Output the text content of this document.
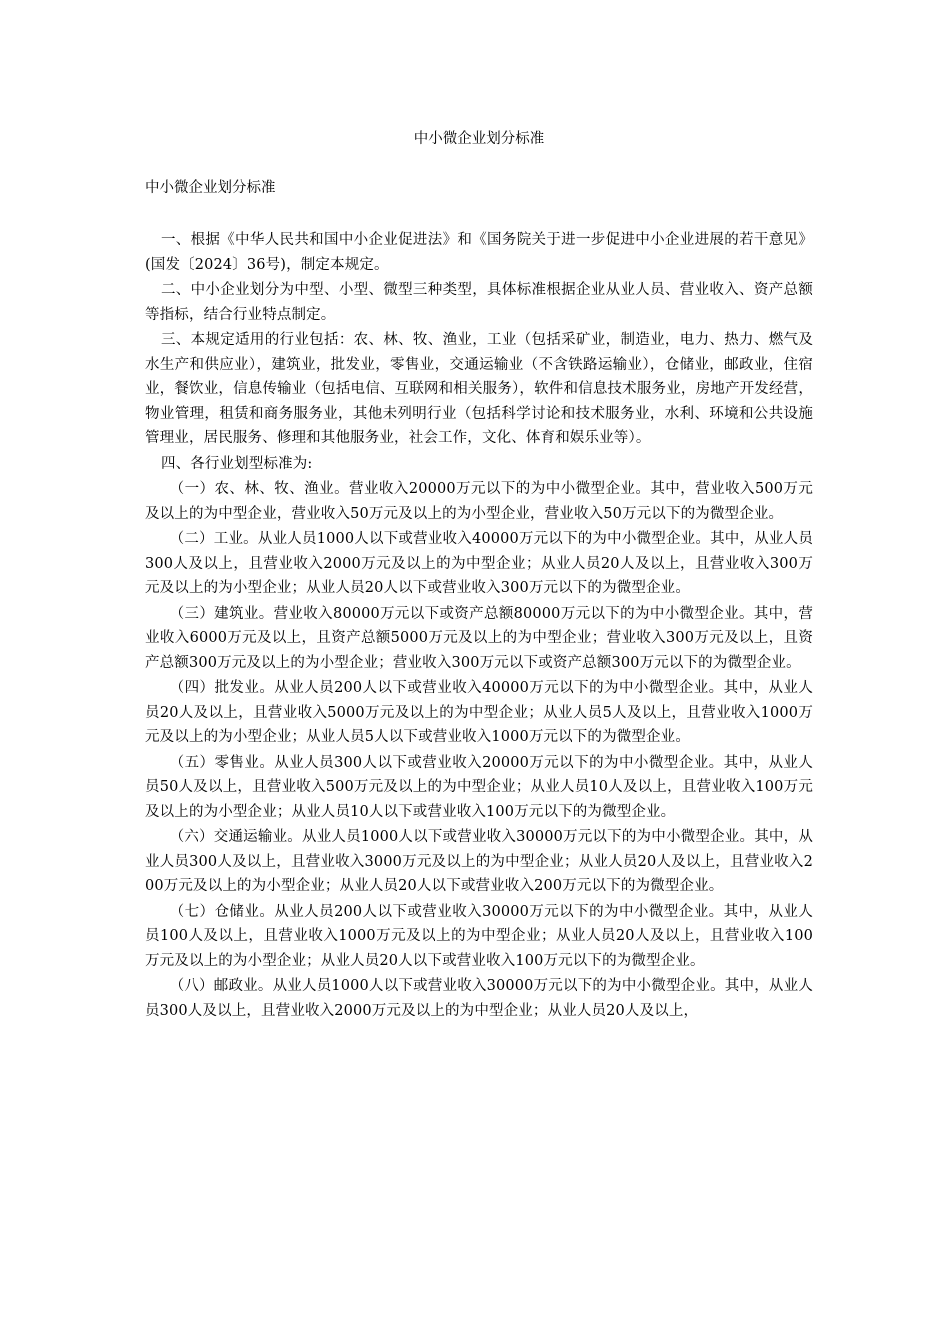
中小微企业划分标准
中小微企业划分标准

一、根据《中华人民共和国中小企业促进法》和《国务院关于进一步促进中小企业进展的若干意见》(国发〔2024〕36号)，制定本规定。

二、中小企业划分为中型、小型、微型三种类型，具体标准根据企业从业人员、营业收入、资产总额等指标，结合行业特点制定。

三、本规定适用的行业包括：农、林、牧、渔业，工业（包括采矿业，制造业，电力、热力、燃气及水生产和供应业），建筑业，批发业，零售业，交通运输业（不含铁路运输业），仓储业，邮政业，住宿业，餐饮业，信息传输业（包括电信、互联网和相关服务），软件和信息技术服务业，房地产开发经营，物业管理，租赁和商务服务业，其他未列明行业（包括科学讨论和技术服务业，水利、环境和公共设施管理业，居民服务、修理和其他服务业，社会工作，文化、体育和娱乐业等）。

四、各行业划型标准为:

（一）农、林、牧、渔业。营业收入20000万元以下的为中小微型企业。其中，营业收入500万元及以上的为中型企业，营业收入50万元及以上的为小型企业，营业收入50万元以下的为微型企业。

（二）工业。从业人员1000人以下或营业收入40000万元以下的为中小微型企业。其中，从业人员300人及以上，且营业收入2000万元及以上的为中型企业；从业人员20人及以上，且营业收入300万元及以上的为小型企业；从业人员20人以下或营业收入300万元以下的为微型企业。

（三）建筑业。营业收入80000万元以下或资产总额80000万元以下的为中小微型企业。其中，营业收入6000万元及以上，且资产总额5000万元及以上的为中型企业；营业收入300万元及以上，且资产总额300万元及以上的为小型企业；营业收入300万元以下或资产总额300万元以下的为微型企业。

（四）批发业。从业人员200人以下或营业收入40000万元以下的为中小微型企业。其中，从业人员20人及以上，且营业收入5000万元及以上的为中型企业；从业人员5人及以上，且营业收入1000万元及以上的为小型企业；从业人员5人以下或营业收入1000万元以下的为微型企业。

（五）零售业。从业人员300人以下或营业收入20000万元以下的为中小微型企业。其中，从业人员50人及以上，且营业收入500万元及以上的为中型企业；从业人员10人及以上，且营业收入100万元及以上的为小型企业；从业人员10人以下或营业收入100万元以下的为微型企业。

（六）交通运输业。从业人员1000人以下或营业收入30000万元以下的为中小微型企业。其中，从业人员300人及以上，且营业收入3000万元及以上的为中型企业；从业人员20人及以上，且营业收入200万元及以上的为小型企业；从业人员20人以下或营业收入200万元以下的为微型企业。

（七）仓储业。从业人员200人以下或营业收入30000万元以下的为中小微型企业。其中，从业人员100人及以上，且营业收入1000万元及以上的为中型企业；从业人员20人及以上，且营业收入100万元及以上的为小型企业；从业人员20人以下或营业收入100万元以下的为微型企业。

（八）邮政业。从业人员1000人以下或营业收入30000万元以下的为中小微型企业。其中，从业人员300人及以上，且营业收入2000万元及以上的为中型企业；从业人员20人及以上，
